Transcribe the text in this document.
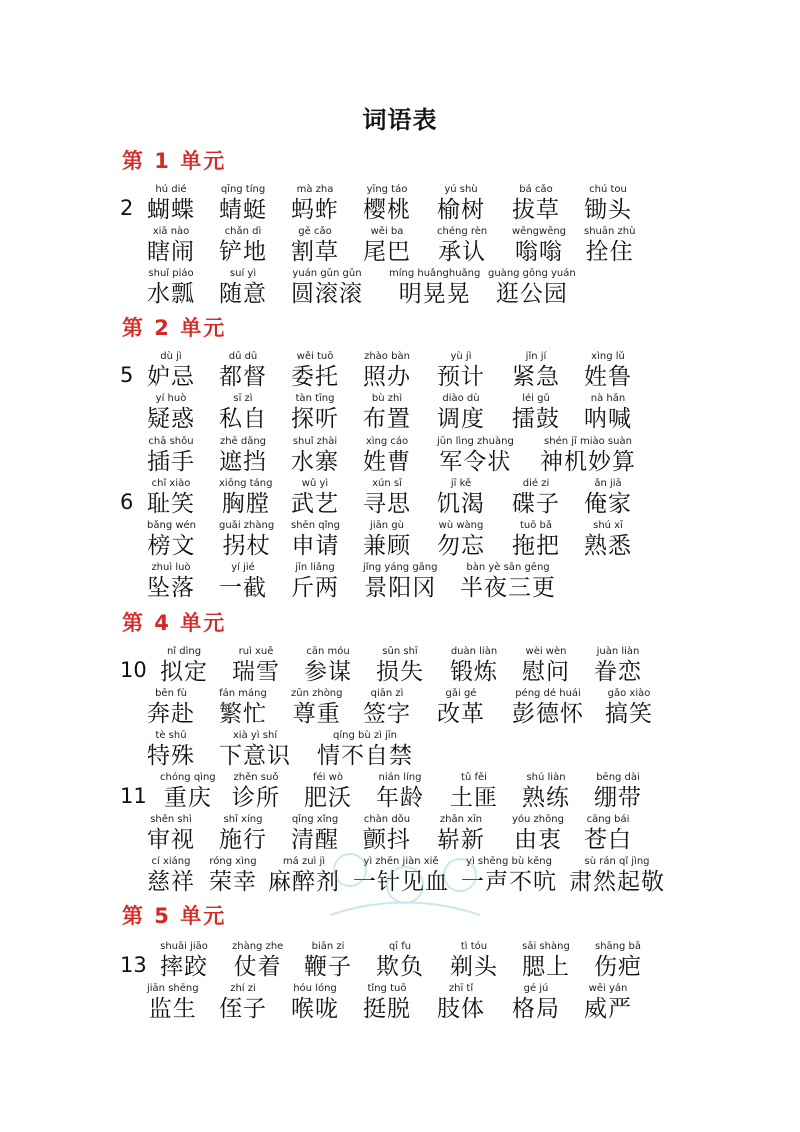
词语表
第 1 单元
第 2 单元
第 4 单元
第 5 单元
2
5
6
10
11
13
hú dié
蝴蝶
qīng tíng
蜻蜓
mà zha
蚂蚱
yīng táo
樱桃
yú shù
榆树
bá cǎo
拔草
chú tou
锄头
xiā nào
瞎闹
chǎn dì
铲地
gē cǎo
割草
wěi ba
尾巴
chéng rèn
承认
wēngwēng
嗡嗡
shuān zhù
拴住
shuǐ piáo
水瓢
suí yì
随意
yuán gǔn gǔn
圆滚滚
míng huǎnghuǎng
明晃晃
guàng gōng yuán
逛公园
dù jì
妒忌
dū dū
都督
wěi tuō
委托
zhào bàn
照办
yù jì
预计
jǐn jí
紧急
xìng lǔ
姓鲁
yí huò
疑惑
sī zì
私自
tàn tīng
探听
bù zhì
布置
diào dù
调度
léi gǔ
擂鼓
nà hǎn
呐喊
chā shǒu
插手
zhē dǎng
遮挡
shuǐ zhài
水寨
xìng cáo
姓曹
jūn lìng zhuàng
军令状
shén jī miào suàn
神机妙算
chǐ xiào
耻笑
xiōng táng
胸膛
wǔ yì
武艺
xún sī
寻思
jī kě
饥渴
dié zi
碟子
ǎn jiā
俺家
bǎng wén
榜文
guǎi zhàng
拐杖
shēn qǐng
申请
jiān gù
兼顾
wù wàng
勿忘
tuō bǎ
拖把
shú xī
熟悉
zhuì luò
坠落
yí jié
一截
jīn liǎng
斤两
jǐng yáng gāng
景阳冈
bàn yè sān gēng
半夜三更
nǐ dìng
拟定
ruì xuě
瑞雪
cān móu
参谋
sǔn shī
损失
duàn liàn
锻炼
wèi wèn
慰问
juàn liàn
眷恋
bēn fù
奔赴
fán máng
繁忙
zūn zhòng
尊重
qiān zì
签字
gǎi gé
改革
péng dé huái
彭德怀
gǎo xiào
搞笑
tè shū
特殊
xià yì shí
下意识
qíng bù zì jīn
情不自禁
chóng qìng
重庆
zhěn suǒ
诊所
féi wò
肥沃
nián líng
年龄
tǔ fěi
土匪
shú liàn
熟练
bēng dài
绷带
shěn shì
审视
shī xíng
施行
qīng xǐng
清醒
chàn dǒu
颤抖
zhǎn xīn
崭新
yóu zhōng
由衷
cāng bái
苍白
cí xiáng
慈祥
róng xìng
荣幸
má zuì jì
麻醉剂
yì zhēn jiàn xiě
一针见血
yì shēng bù kēng
一声不吭
sù rán qǐ jìng
肃然起敬
shuāi jiāo
摔跤
zhàng zhe
仗着
biān zi
鞭子
qī fu
欺负
tì tóu
剃头
sāi shàng
腮上
shāng bā
伤疤
jiān shēng
监生
zhí zi
侄子
hóu lóng
喉咙
tǐng tuō
挺脱
zhī tǐ
肢体
gé jú
格局
wēi yán
威严
